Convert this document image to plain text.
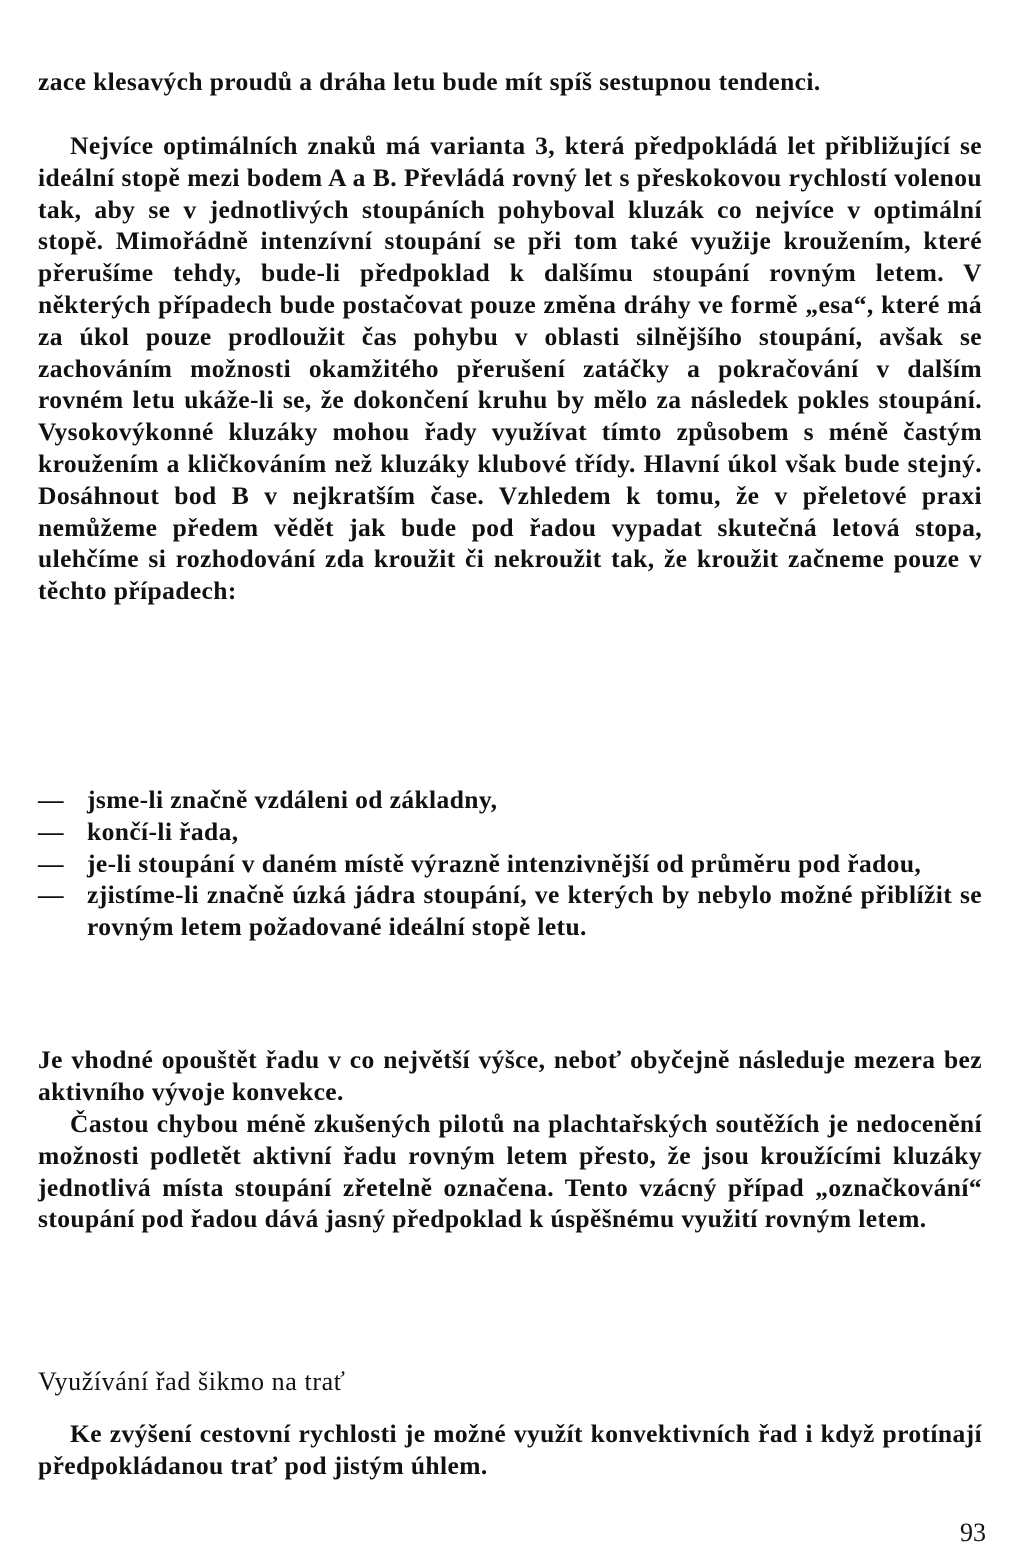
zace klesavých proudů a dráha letu bude mít spíš sestupnou tendenci.

Nejvíce optimálních znaků má varianta 3, která předpokládá let přibližující se ideální stopě mezi bodem A a B. Převládá rovný let s přeskokovou rychlostí volenou tak, aby se v jednotlivých stoupáních pohyboval kluzák co nejvíce v optimální stopě. Mimořádně intenzívní stoupání se při tom také využije kroužením, které přerušíme tehdy, bude-li předpoklad k dalšímu stoupání rovným letem. V některých případech bude postačovat pouze změna dráhy ve formě „esa“, které má za úkol pouze prodloužit čas pohybu v oblasti silnějšího stoupání, avšak se zachováním možnosti okamžitého přerušení zatáčky a pokračování v dalším rovném letu ukáže-li se, že dokončení kruhu by mělo za následek pokles stoupání. Vysokovýkonné kluzáky mohou řady využívat tímto způsobem s méně častým kroužením a kličkováním než kluzáky klubové třídy. Hlavní úkol však bude stejný. Dosáhnout bod B v nejkratším čase. Vzhledem k tomu, že v přeletové praxi nemůžeme předem vědět jak bude pod řadou vypadat skutečná letová stopa, ulehčíme si rozhodování zda kroužit či nekroužit tak, že kroužit začneme pouze v těchto případech:

— jsme-li značně vzdáleni od základny,
— končí-li řada,
— je-li stoupání v daném místě výrazně intenzivnější od průměru pod řadou,
— zjistíme-li značně úzká jádra stoupání, ve kterých by nebylo možné přiblížit se rovným letem požadované ideální stopě letu.

Je vhodné opouštět řadu v co největší výšce, neboť obyčejně následuje mezera bez aktivního vývoje konvekce.

Častou chybou méně zkušených pilotů na plachtařských soutěžích je nedocenění možnosti podletět aktivní řadu rovným letem přesto, že jsou kroužícími kluzáky jednotlivá místa stoupání zřetelně označena. Tento vzácný případ „označkování“ stoupání pod řadou dává jasný předpoklad k úspěšnému využití rovným letem.

Využívání řad šikmo na trať

Ke zvýšení cestovní rychlosti je možné využít konvektivních řad i když protínají předpokládanou trať pod jistým úhlem.

93
